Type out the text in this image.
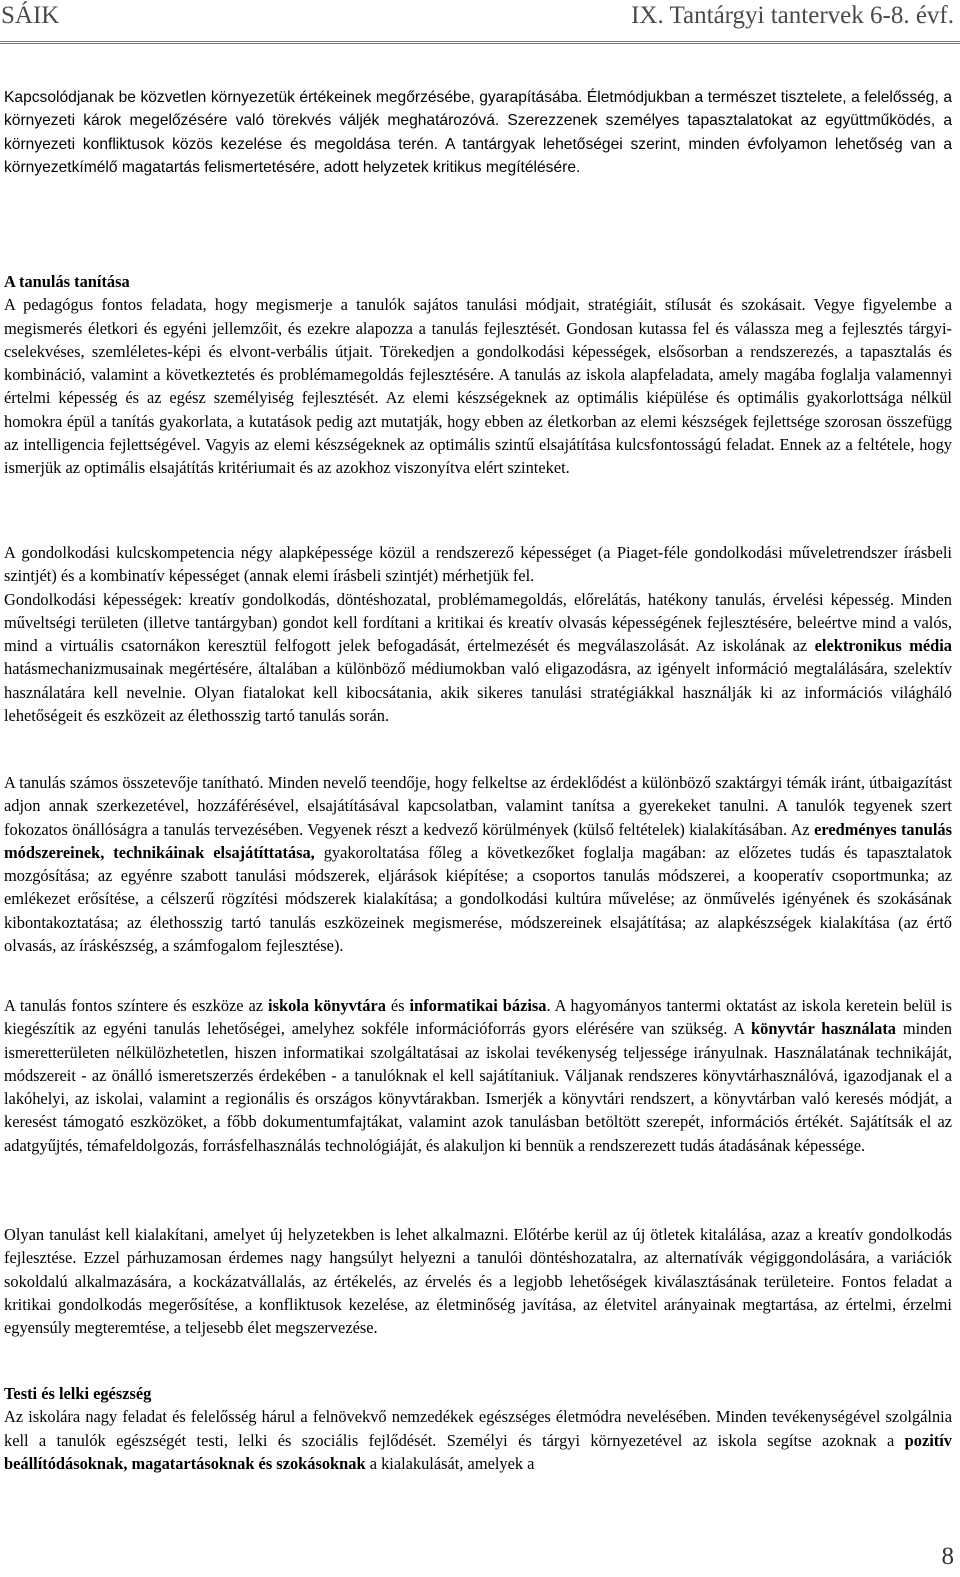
SÁIK	IX. Tantárgyi tantervek 6-8. évf.

Kapcsolódjanak be közvetlen környezetük értékeinek megőrzésébe, gyarapításába. Életmódjukban a természet tisztelete, a felelősség, a környezeti károk megelőzésére való törekvés váljék meghatározóvá. Szerezzenek személyes tapasztalatokat az együttműködés, a környezeti konfliktusok közös kezelése és megoldása terén. A tantárgyak lehetőségei szerint, minden évfolyamon lehetőség van a környezetkímélő magatartás felismertetésére, adott helyzetek kritikus megítélésére.

A tanulás tanítása

A pedagógus fontos feladata, hogy megismerje a tanulók sajátos tanulási módjait, stratégiáit, stílusát és szokásait. Vegye figyelembe a megismerés életkori és egyéni jellemzőit, és ezekre alapozza a tanulás fejlesztését. Gondosan kutassa fel és válassza meg a fejlesztés tárgyi-cselekvéses, szemléletes-képi és elvont-verbális útjait. Törekedjen a gondolkodási képességek, elsősorban a rendszerezés, a tapasztalás és kombináció, valamint a következtetés és problémamegoldás fejlesztésére. A tanulás az iskola alapfeladata, amely magába foglalja valamennyi értelmi képesség és az egész személyiség fejlesztését. Az elemi készségeknek az optimális kiépülése és optimális gyakorlottsága nélkül homokra épül a tanítás gyakorlata, a kutatások pedig azt mutatják, hogy ebben az életkorban az elemi készségek fejlettsége szorosan összefügg az intelligencia fejlettségével. Vagyis az elemi készségeknek az optimális szintű elsajátítása kulcsfontosságú feladat. Ennek az a feltétele, hogy ismerjük az optimális elsajátítás kritériumait és az azokhoz viszonyítva elért szinteket.

A gondolkodási kulcskompetencia négy alapképessége közül a rendszerező képességet (a Piaget-féle gondolkodási műveletrendszer írásbeli szintjét) és a kombinatív képességet (annak elemi írásbeli szintjét) mérhetjük fel.

Gondolkodási képességek: kreatív gondolkodás, döntéshozatal, problémamegoldás, előrelátás, hatékony tanulás, érvelési képesség. Minden műveltségi területen (illetve tantárgyban) gondot kell fordítani a kritikai és kreatív olvasás képességének fejlesztésére, beleértve mind a valós, mind a virtuális csatornákon keresztül felfogott jelek befogadását, értelmezését és megválaszolását. Az iskolának az elektronikus média hatásmechanizmusainak megértésére, általában a különböző médiumokban való eligazodásra, az igényelt információ megtalálására, szelektív használatára kell nevelnie. Olyan fiatalokat kell kibocsátania, akik sikeres tanulási stratégiákkal használják ki az információs világháló lehetőségeit és eszközeit az élethosszig tartó tanulás során.

A tanulás számos összetevője tanítható. Minden nevelő teendője, hogy felkeltse az érdeklődést a különböző szaktárgyi témák iránt, útbaigazítást adjon annak szerkezetével, hozzáférésével, elsajátításával kapcsolatban, valamint tanítsa a gyerekeket tanulni. A tanulók tegyenek szert fokozatos önállóságra a tanulás tervezésében. Vegyenek részt a kedvező körülmények (külső feltételek) kialakításában. Az eredményes tanulás módszereinek, technikáinak elsajátíttatása, gyakoroltatása főleg a következőket foglalja magában: az előzetes tudás és tapasztalatok mozgósítása; az egyénre szabott tanulási módszerek, eljárások kiépítése; a csoportos tanulás módszerei, a kooperatív csoportmunka; az emlékezet erősítése, a célszerű rögzítési módszerek kialakítása; a gondolkodási kultúra művelése; az önművelés igényének és szokásának kibontakoztatása; az élethosszig tartó tanulás eszközeinek megismerése, módszereinek elsajátítása; az alapkészségek kialakítása (az értő olvasás, az íráskészség, a számfogalom fejlesztése).

A tanulás fontos színtere és eszköze az iskola könyvtára és informatikai bázisa. A hagyományos tantermi oktatást az iskola keretein belül is kiegészítik az egyéni tanulás lehetőségei, amelyhez sokféle információforrás gyors elérésére van szükség. A könyvtár használata minden ismeretterületen nélkülözhetetlen, hiszen informatikai szolgáltatásai az iskolai tevékenység teljessége irányulnak. Használatának technikáját, módszereit - az önálló ismeretszerzés érdekében - a tanulóknak el kell sajátítaniuk. Váljanak rendszeres könyvtárhasználóvá, igazodjanak el a lakóhelyi, az iskolai, valamint a regionális és országos könyvtárakban. Ismerjék a könyvtári rendszert, a könyvtárban való keresés módját, a keresést támogató eszközöket, a főbb dokumentumfajtákat, valamint azok tanulásban betöltött szerepét, információs értékét. Sajátítsák el az adatgyűjtés, témafeldolgozás, forrásfelhasználás technológiáját, és alakuljon ki bennük a rendszerezett tudás átadásának képessége.

Olyan tanulást kell kialakítani, amelyet új helyzetekben is lehet alkalmazni. Előtérbe kerül az új ötletek kitalálása, azaz a kreatív gondolkodás fejlesztése. Ezzel párhuzamosan érdemes nagy hangsúlyt helyezni a tanulói döntéshozatalra, az alternatívák végiggondolására, a variációk sokoldalú alkalmazására, a kockázatvállalás, az értékelés, az érvelés és a legjobb lehetőségek kiválasztásának területeire. Fontos feladat a kritikai gondolkodás megerősítése, a konfliktusok kezelése, az életminőség javítása, az életvitel arányainak megtartása, az értelmi, érzelmi egyensúly megteremtése, a teljesebb élet megszervezése.

Testi és lelki egészség

Az iskolára nagy feladat és felelősség hárul a felnövekvő nemzedékek egészséges életmódra nevelésében. Minden tevékenységével szolgálnia kell a tanulók egészségét testi, lelki és szociális fejlődését. Személyi és tárgyi környezetével az iskola segítse azoknak a pozitív beállítódásoknak, magatartásoknak és szokásoknak a kialakulását, amelyek a

8
